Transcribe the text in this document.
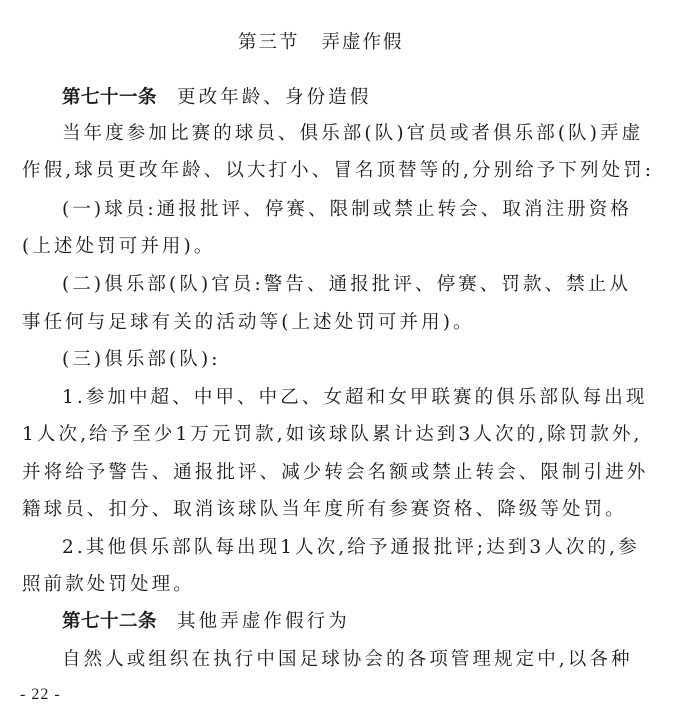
第三节 弄虚作假
第七十一条 更改年龄、身份造假
当年度参加比赛的球员、俱乐部(队)官员或者俱乐部(队)弄虚
作假,球员更改年龄、以大打小、冒名顶替等的,分别给予下列处罚:
(一)球员:通报批评、停赛、限制或禁止转会、取消注册资格
(上述处罚可并用)。
(二)俱乐部(队)官员:警告、通报批评、停赛、罚款、禁止从
事任何与足球有关的活动等(上述处罚可并用)。
(三)俱乐部(队):
1.参加中超、中甲、中乙、女超和女甲联赛的俱乐部队每出现
1人次,给予至少1万元罚款,如该球队累计达到3人次的,除罚款外,
并将给予警告、通报批评、减少转会名额或禁止转会、限制引进外
籍球员、扣分、取消该球队当年度所有参赛资格、降级等处罚。
2.其他俱乐部队每出现1人次,给予通报批评;达到3人次的,参
照前款处罚处理。
第七十二条 其他弄虚作假行为
自然人或组织在执行中国足球协会的各项管理规定中,以各种
- 22 -
